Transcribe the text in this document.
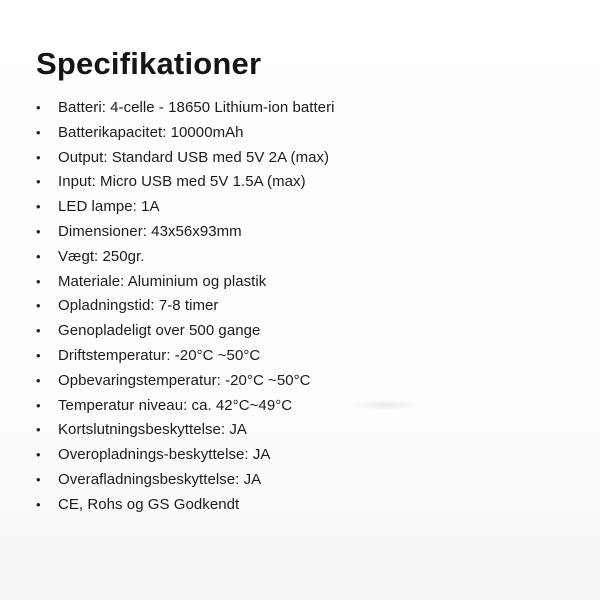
Specifikationer
•	Batteri: 4-celle - 18650 Lithium-ion batteri
•	Batterikapacitet: 10000mAh
•	Output: Standard USB med 5V 2A (max)
•	Input: Micro USB med 5V 1.5A (max)
•	LED lampe: 1A
•	Dimensioner: 43x56x93mm
•	Vægt: 250gr.
•	Materiale: Aluminium og plastik
•	Opladningstid: 7-8 timer
•	Genopladeligt over 500 gange
•	Driftstemperatur: -20°C ~50°C
•	Opbevaringstemperatur: -20°C ~50°C
•	Temperatur niveau: ca. 42°C~49°C
•	Kortslutningsbeskyttelse: JA
•	Overopladnings-beskyttelse: JA
•	Overafladningsbeskyttelse: JA
•	CE, Rohs og GS Godkendt
